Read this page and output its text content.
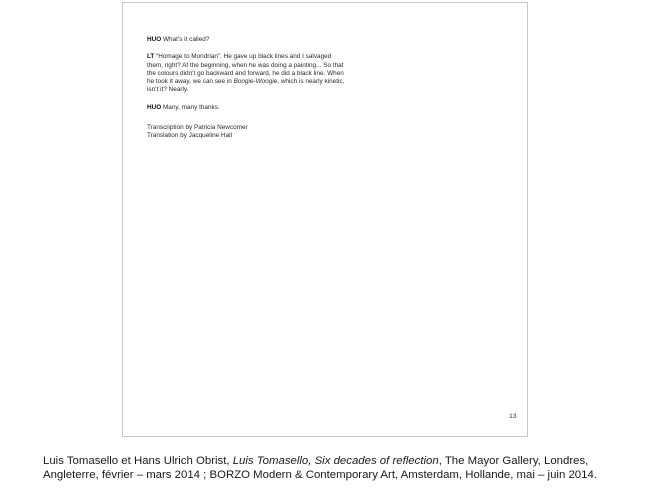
HUO What’s it called?

LT “Homage to Mondrian”. He gave up black lines and I salvaged them, right? At the beginning, when he was doing a painting... So that the colours didn’t go backward and forward, he did a black line. When he took it away, we can see in Boogie-Woogie, which is nearly kinetic, isn’t it? Nearly.

HUO Many, many thanks.

Transcription by Patricia Newcomer
Translation by Jacqueline Hall
13
Luis Tomasello et Hans Ulrich Obrist, Luis Tomasello, Six decades of reflection, The Mayor Gallery, Londres,
Angleterre, février – mars 2014 ; BORZO Modern & Contemporary Art, Amsterdam, Hollande, mai – juin 2014.
